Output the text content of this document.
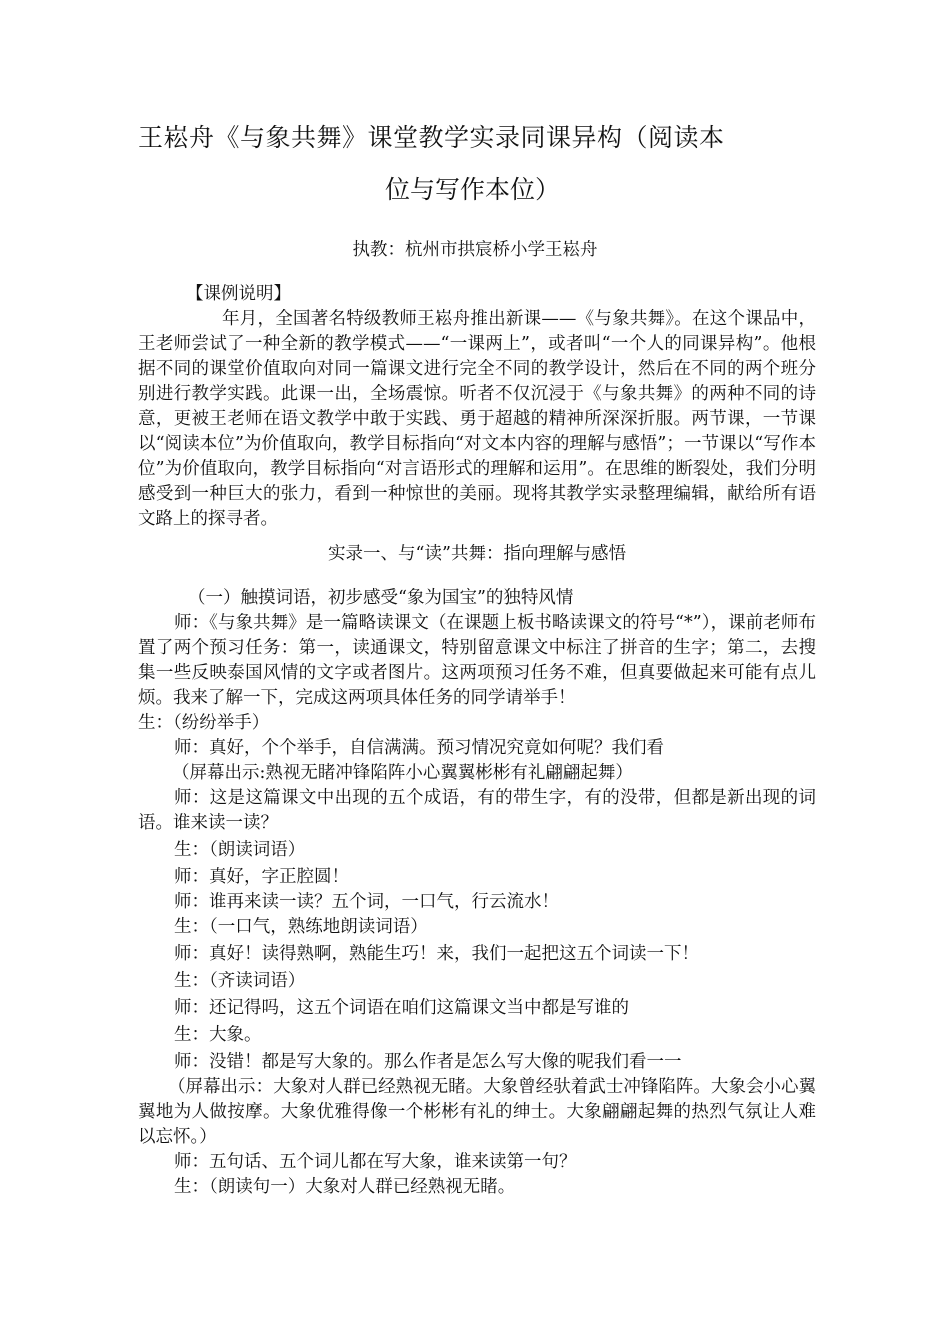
王崧舟《与象共舞》课堂教学实录同课异构（阅读本
位与写作本位）
执教：杭州市拱宸桥小学王崧舟

【课例说明】

年月，全国著名特级教师王崧舟推出新课——《与象共舞》。在这个课品中，王老师尝试了一种全新的教学模式——“一课两上”，或者叫“一个人的同课异构”。他根据不同的课堂价值取向对同一篇课文进行完全不同的教学设计，然后在不同的两个班分别进行教学实践。此课一出，全场震惊。听者不仅沉浸于《与象共舞》的两种不同的诗意，更被王老师在语文教学中敢于实践、勇于超越的精神所深深折服。两节课，一节课以“阅读本位”为价值取向，教学目标指向“对文本内容的理解与感悟”；一节课以“写作本位”为价值取向，教学目标指向“对言语形式的理解和运用”。在思维的断裂处，我们分明感受到一种巨大的张力，看到一种惊世的美丽。现将其教学实录整理编辑，献给所有语文路上的探寻者。

实录一、与“读”共舞：指向理解与感悟

（一）触摸词语，初步感受“象为国宝”的独特风情

师：《与象共舞》是一篇略读课文（在课题上板书略读课文的符号“*”），课前老师布置了两个预习任务：第一，读通课文，特别留意课文中标注了拼音的生字；第二，去搜集一些反映泰国风情的文字或者图片。这两项预习任务不难，但真要做起来可能有点儿烦。我来了解一下，完成这两项具体任务的同学请举手！

生：（纷纷举手）

师：真好，个个举手，自信满满。预习情况究竟如何呢？我们看

（屏幕出示:熟视无睹冲锋陷阵小心翼翼彬彬有礼翩翩起舞）

师：这是这篇课文中出现的五个成语，有的带生字，有的没带，但都是新出现的词语。谁来读一读？

生：（朗读词语）

师：真好，字正腔圆！

师：谁再来读一读？五个词，一口气，行云流水！

生：（一口气，熟练地朗读词语）

师：真好！读得熟啊，熟能生巧！来，我们一起把这五个词读一下！

生：（齐读词语）

师：还记得吗，这五个词语在咱们这篇课文当中都是写谁的

生：大象。

师：没错！都是写大象的。那么作者是怎么写大像的呢我们看一一

（屏幕出示：大象对人群已经熟视无睹。大象曾经驮着武士冲锋陷阵。大象会小心翼翼地为人做按摩。大象优雅得像一个彬彬有礼的绅士。大象翩翩起舞的热烈气氛让人难以忘怀。）

师：五句话、五个词儿都在写大象，谁来读第一句？

生：（朗读句一）大象对人群已经熟视无睹。
